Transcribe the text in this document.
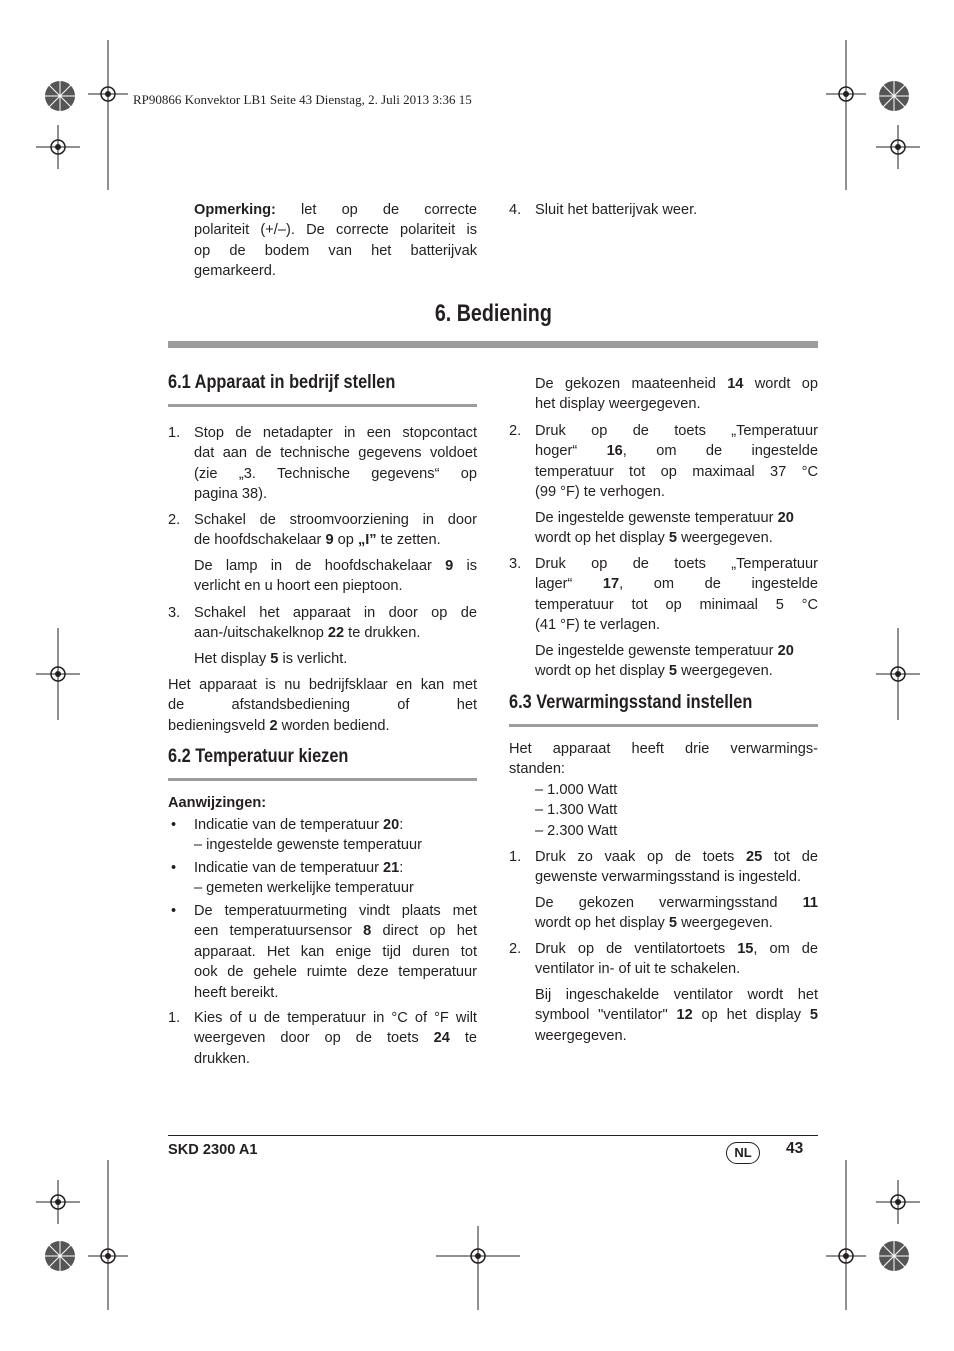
RP90866 Konvektor LB1 Seite 43 Dienstag, 2. Juli 2013 3:36 15
Opmerking: let op de correcte
polariteit (+/–). De correcte polariteit is
op de bodem van het batterijvak
gemarkeerd.
4. Sluit het batterijvak weer.
6. Bediening
6.1 Apparaat in bedrijf stellen
1. Stop de netadapter in een stopcontact
dat aan de technische gegevens voldoet
(zie „3. Technische gegevens“ op
pagina 38).
2. Schakel de stroomvoorziening in door
de hoofdschakelaar 9 op „I” te zetten.
De lamp in de hoofdschakelaar 9 is
verlicht en u hoort een pieptoon.
3. Schakel het apparaat in door op de
aan-/uitschakelknop 22 te drukken.
Het display 5 is verlicht.
Het apparaat is nu bedrijfsklaar en kan met
de afstandsbediening of het
bedieningsveld 2 worden bediend.
6.2 Temperatuur kiezen
Aanwijzingen:
• Indicatie van de temperatuur 20:
– ingestelde gewenste temperatuur
• Indicatie van de temperatuur 21:
– gemeten werkelijke temperatuur
• De temperatuurmeting vindt plaats met
een temperatuursensor 8 direct op het
apparaat. Het kan enige tijd duren tot
ook de gehele ruimte deze temperatuur
heeft bereikt.
1. Kies of u de temperatuur in °C of °F wilt
weergeven door op de toets 24 te
drukken.
De gekozen maateenheid 14 wordt op
het display weergegeven.
2. Druk op de toets „Temperatuur
hoger“ 16, om de ingestelde
temperatuur tot op maximaal 37 °C
(99 °F) te verhogen.
De ingestelde gewenste temperatuur 20
wordt op het display 5 weergegeven.
3. Druk op de toets „Temperatuur
lager“ 17, om de ingestelde
temperatuur tot op minimaal 5 °C
(41 °F) te verlagen.
De ingestelde gewenste temperatuur 20
wordt op het display 5 weergegeven.
6.3 Verwarmingsstand instellen
Het apparaat heeft drie verwarmings-
standen:
– 1.000 Watt
– 1.300 Watt
– 2.300 Watt
1. Druk zo vaak op de toets 25 tot de
gewenste verwarmingsstand is ingesteld.
De gekozen verwarmingsstand 11
wordt op het display 5 weergegeven.
2. Druk op de ventilatortoets 15, om de
ventilator in- of uit te schakelen.
Bij ingeschakelde ventilator wordt het
symbool "ventilator" 12 op het display 5
weergegeven.
SKD 2300 A1	NL	43
